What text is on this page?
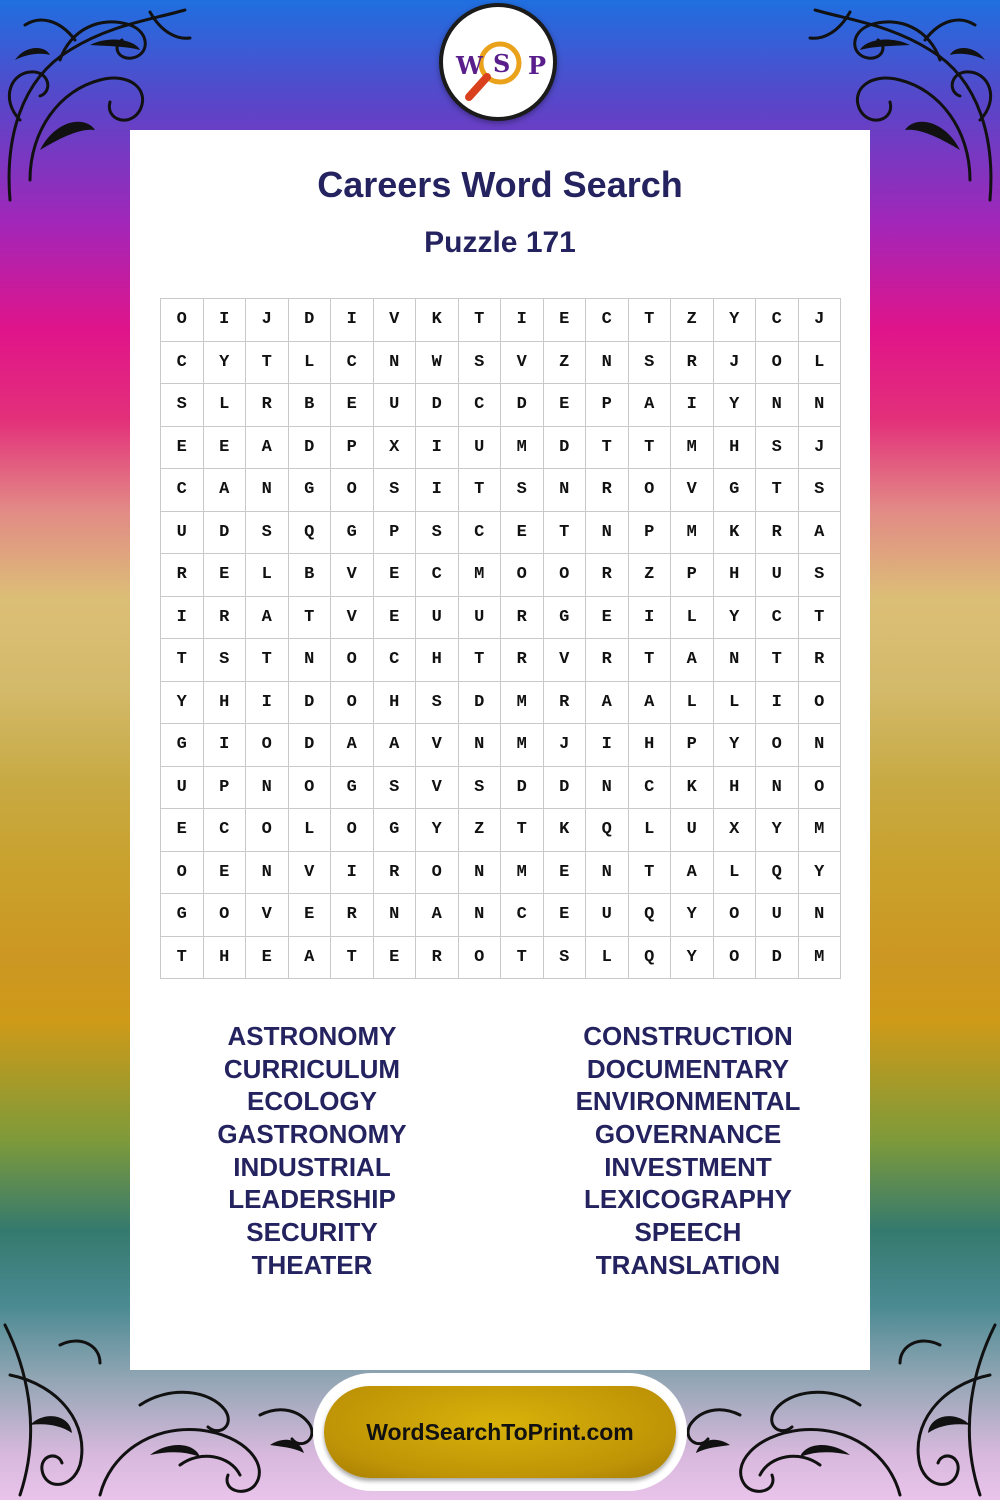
W S P
Careers Word Search
Puzzle 171
O	I	J	D	I	V	K	T	I	E	C	T	Z	Y	C	J
C	Y	T	L	C	N	W	S	V	Z	N	S	R	J	O	L
S	L	R	B	E	U	D	C	D	E	P	A	I	Y	N	N
E	E	A	D	P	X	I	U	M	D	T	T	M	H	S	J
C	A	N	G	O	S	I	T	S	N	R	O	V	G	T	S
U	D	S	Q	G	P	S	C	E	T	N	P	M	K	R	A
R	E	L	B	V	E	C	M	O	O	R	Z	P	H	U	S
I	R	A	T	V	E	U	U	R	G	E	I	L	Y	C	T
T	S	T	N	O	C	H	T	R	V	R	T	A	N	T	R
Y	H	I	D	O	H	S	D	M	R	A	A	L	L	I	O
G	I	O	D	A	A	V	N	M	J	I	H	P	Y	O	N
U	P	N	O	G	S	V	S	D	D	N	C	K	H	N	O
E	C	O	L	O	G	Y	Z	T	K	Q	L	U	X	Y	M
O	E	N	V	I	R	O	N	M	E	N	T	A	L	Q	Y
G	O	V	E	R	N	A	N	C	E	U	Q	Y	O	U	N
T	H	E	A	T	E	R	O	T	S	L	Q	Y	O	D	M
ASTRONOMY
CURRICULUM
ECOLOGY
GASTRONOMY
INDUSTRIAL
LEADERSHIP
SECURITY
THEATER
CONSTRUCTION
DOCUMENTARY
ENVIRONMENTAL
GOVERNANCE
INVESTMENT
LEXICOGRAPHY
SPEECH
TRANSLATION
WordSearchToPrint.com
